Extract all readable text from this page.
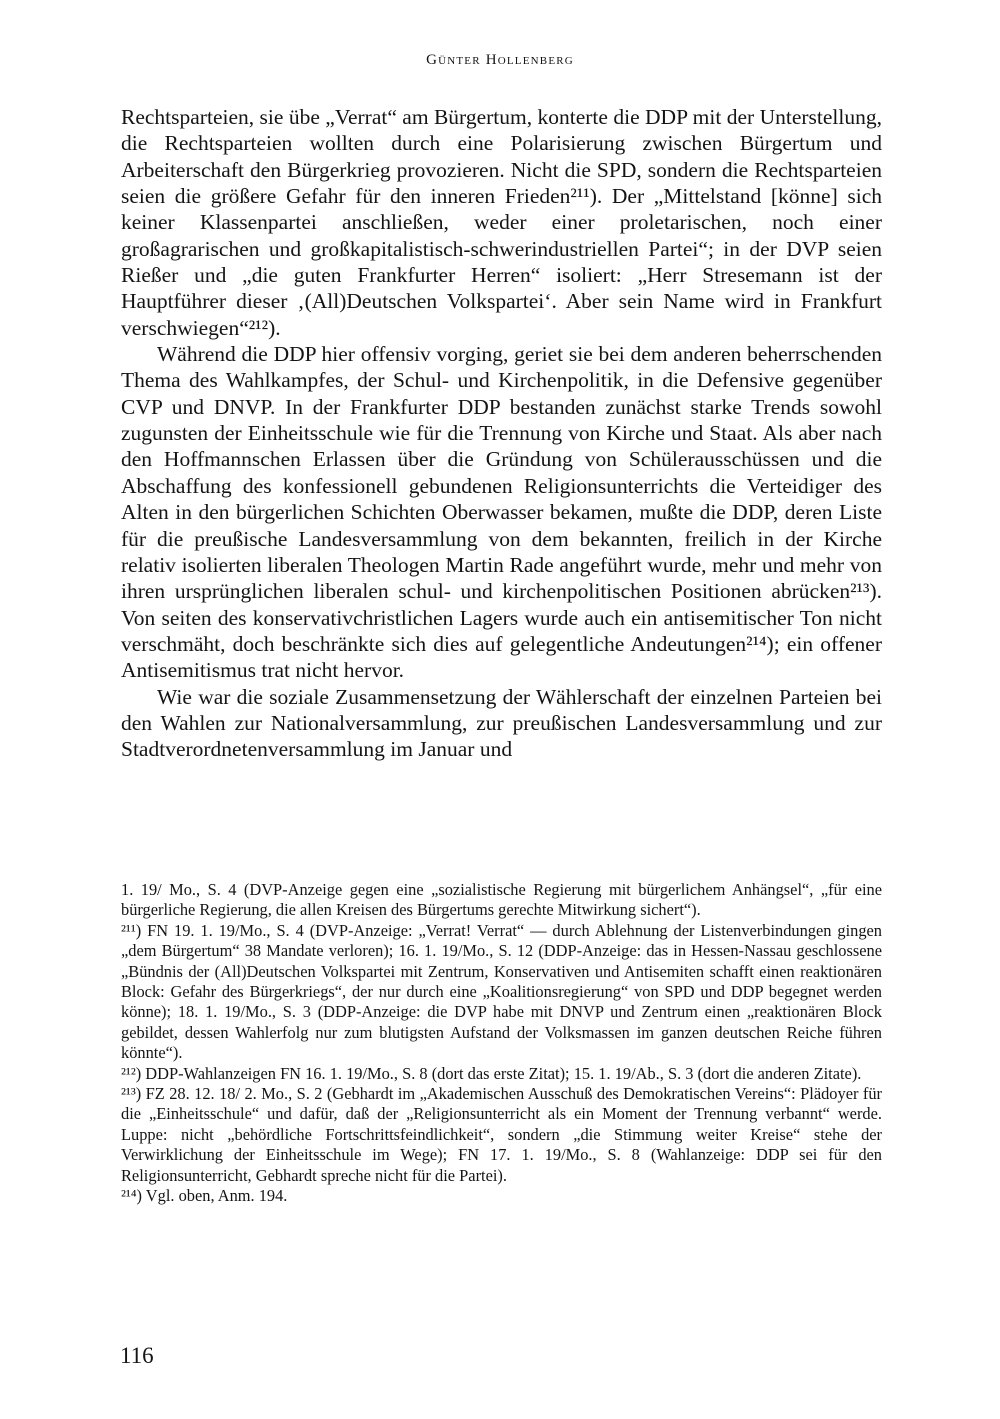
Günter Hollenberg

Rechtsparteien, sie übe „Verrat“ am Bürgertum, konterte die DDP mit der Unterstellung, die Rechtsparteien wollten durch eine Polarisierung zwischen Bürgertum und Arbeiterschaft den Bürgerkrieg provozieren. Nicht die SPD, sondern die Rechtsparteien seien die größere Gefahr für den inneren Frieden²¹¹). Der „Mittelstand [könne] sich keiner Klassenpartei anschließen, weder einer proletarischen, noch einer großagrarischen und großkapitalistisch-schwerindustriellen Partei“; in der DVP seien Rießer und „die guten Frankfurter Herren“ isoliert: „Herr Stresemann ist der Hauptführer dieser ‚(All)Deutschen Volkspartei‘. Aber sein Name wird in Frankfurt verschwiegen“²¹²).

Während die DDP hier offensiv vorging, geriet sie bei dem anderen beherrschenden Thema des Wahlkampfes, der Schul- und Kirchenpolitik, in die Defensive gegenüber CVP und DNVP. In der Frankfurter DDP bestanden zunächst starke Trends sowohl zugunsten der Einheitsschule wie für die Trennung von Kirche und Staat. Als aber nach den Hoffmannschen Erlassen über die Gründung von Schülerausschüssen und die Abschaffung des konfessionell gebundenen Religionsunterrichts die Verteidiger des Alten in den bürgerlichen Schichten Oberwasser bekamen, mußte die DDP, deren Liste für die preußische Landesversammlung von dem bekannten, freilich in der Kirche relativ isolierten liberalen Theologen Martin Rade angeführt wurde, mehr und mehr von ihren ursprünglichen liberalen schul- und kirchenpolitischen Positionen abrücken²¹³). Von seiten des konservativchristlichen Lagers wurde auch ein antisemitischer Ton nicht verschmäht, doch beschränkte sich dies auf gelegentliche Andeutungen²¹⁴); ein offener Antisemitismus trat nicht hervor.

Wie war die soziale Zusammensetzung der Wählerschaft der einzelnen Parteien bei den Wahlen zur Nationalversammlung, zur preußischen Landesversammlung und zur Stadtverordnetenversammlung im Januar und

1. 19/ Mo., S. 4 (DVP-Anzeige gegen eine „sozialistische Regierung mit bürgerlichem Anhängsel“, „für eine bürgerliche Regierung, die allen Kreisen des Bürgertums gerechte Mitwirkung sichert“).

²¹¹) FN 19. 1. 19/Mo., S. 4 (DVP-Anzeige: „Verrat! Verrat“ — durch Ablehnung der Listenverbindungen gingen „dem Bürgertum“ 38 Mandate verloren); 16. 1. 19/Mo., S. 12 (DDP-Anzeige: das in Hessen-Nassau geschlossene „Bündnis der (All)Deutschen Volkspartei mit Zentrum, Konservativen und Antisemiten schafft einen reaktionären Block: Gefahr des Bürgerkriegs“, der nur durch eine „Koalitionsregierung“ von SPD und DDP begegnet werden könne); 18. 1. 19/Mo., S. 3 (DDP-Anzeige: die DVP habe mit DNVP und Zentrum einen „reaktionären Block gebildet, dessen Wahlerfolg nur zum blutigsten Aufstand der Volksmassen im ganzen deutschen Reiche führen könnte“).

²¹²) DDP-Wahlanzeigen FN 16. 1. 19/Mo., S. 8 (dort das erste Zitat); 15. 1. 19/Ab., S. 3 (dort die anderen Zitate).

²¹³) FZ 28. 12. 18/ 2. Mo., S. 2 (Gebhardt im „Akademischen Ausschuß des Demokratischen Vereins“: Plädoyer für die „Einheitsschule“ und dafür, daß der „Religionsunterricht als ein Moment der Trennung verbannt“ werde. Luppe: nicht „behördliche Fortschrittsfeindlichkeit“, sondern „die Stimmung weiter Kreise“ stehe der Verwirklichung der Einheitsschule im Wege); FN 17. 1. 19/Mo., S. 8 (Wahlanzeige: DDP sei für den Religionsunterricht, Gebhardt spreche nicht für die Partei).

²¹⁴) Vgl. oben, Anm. 194.

116
